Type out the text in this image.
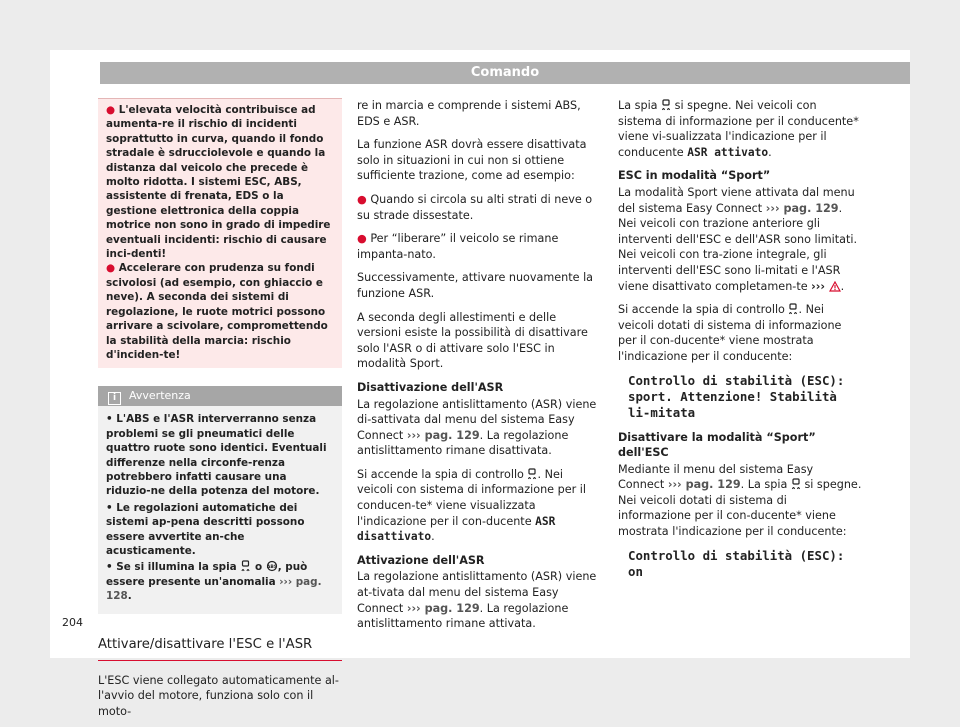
Comando

● L'elevata velocità contribuisce ad aumenta-re il rischio di incidenti soprattutto in curva, quando il fondo stradale è sdrucciolevole e quando la distanza dal veicolo che precede è molto ridotta. I sistemi ESC, ABS, assistente di frenata, EDS o la gestione elettronica della coppia motrice non sono in grado di impedire eventuali incidenti: rischio di causare inci-denti!

● Accelerare con prudenza su fondi scivolosi (ad esempio, con ghiaccio e neve). A seconda dei sistemi di regolazione, le ruote motrici possono arrivare a scivolare, compromettendo la stabilità della marcia: rischio d'inciden-te!

i Avvertenza

• L'ABS e l'ASR interverranno senza problemi se gli pneumatici delle quattro ruote sono identici. Eventuali differenze nella circonfe-renza potrebbero infatti causare una riduzio-ne della potenza del motore.

• Le regolazioni automatiche dei sistemi ap-pena descritti possono essere avvertite an-che acusticamente.

• Se si illumina la spia o ABS , può essere presente un'anomalia ››› pag. 128.

Attivare/disattivare l'ESC e l'ASR

L'ESC viene collegato automaticamente al-l'avvio del motore, funziona solo con il moto-

re in marcia e comprende i sistemi ABS, EDS e ASR.

La funzione ASR dovrà essere disattivata solo in situazioni in cui non si ottiene sufficiente trazione, come ad esempio:

● Quando si circola su alti strati di neve o su strade dissestate.

● Per “liberare” il veicolo se rimane impanta-nato.

Successivamente, attivare nuovamente la funzione ASR.

A seconda degli allestimenti e delle versioni esiste la possibilità di disattivare solo l'ASR o di attivare solo l'ESC in modalità Sport.

Disattivazione dell'ASR

La regolazione antislittamento (ASR) viene di-sattivata dal menu del sistema Easy Connect ››› pag. 129. La regolazione antislittamento rimane disattivata.

Si accende la spia di controllo . Nei veicoli con sistema di informazione per il conducen-te* viene visualizzata l'indicazione per il con-ducente ASR disattivato.

Attivazione dell'ASR

La regolazione antislittamento (ASR) viene at-tivata dal menu del sistema Easy Connect ››› pag. 129. La regolazione antislittamento rimane attivata.

La spia si spegne. Nei veicoli con sistema di informazione per il conducente* viene vi-sualizzata l'indicazione per il conducente ASR attivato.

ESC in modalità “Sport”

La modalità Sport viene attivata dal menu del sistema Easy Connect ››› pag. 129. Nei veicoli con trazione anteriore gli interventi dell'ESC e dell'ASR sono limitati. Nei veicoli con tra-zione integrale, gli interventi dell'ESC sono li-mitati e l'ASR viene disattivato completamen-te ››› .

Si accende la spia di controllo . Nei veicoli dotati di sistema di informazione per il con-ducente* viene mostrata l'indicazione per il conducente:

Controllo di stabilità (ESC): sport. Attenzione! Stabilità li-mitata

Disattivare la modalità “Sport” dell'ESC

Mediante il menu del sistema Easy Connect ››› pag. 129. La spia si spegne. Nei veicoli dotati di sistema di informazione per il con-ducente* viene mostrata l'indicazione per il conducente:

Controllo di stabilità (ESC): on
204
